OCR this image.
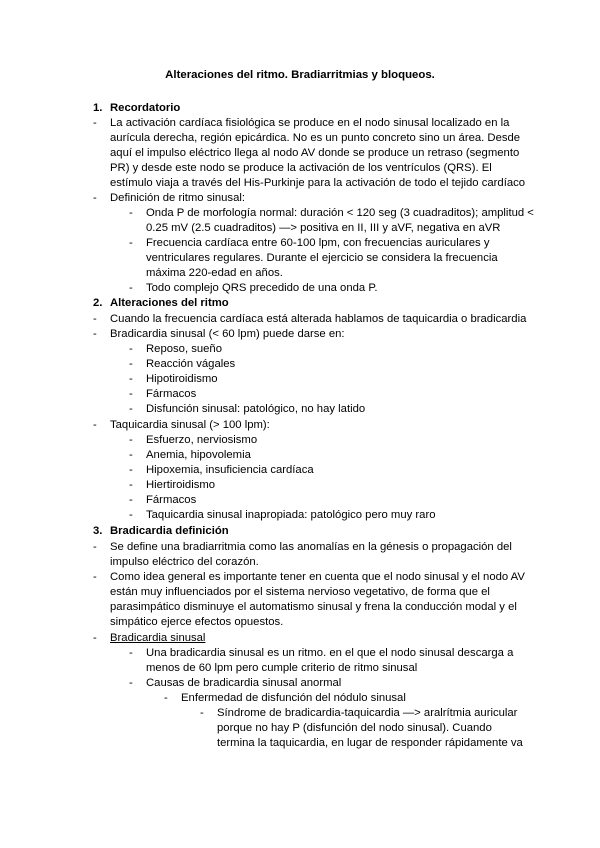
Alteraciones del ritmo. Bradiarritmias y bloqueos.
1. Recordatorio
- La activación cardíaca fisiológica se produce en el nodo sinusal localizado en la
aurícula derecha, región epicárdica. No es un punto concreto sino un área. Desde
aquí el impulso eléctrico llega al nodo AV donde se produce un retraso (segmento
PR) y desde este nodo se produce la activación de los ventrículos (QRS). El
estímulo viaja a través del His-Purkinje para la activación de todo el tejido cardíaco
- Definición de ritmo sinusal:
- Onda P de morfología normal: duración < 120 seg (3 cuadraditos); amplitud <
0.25 mV (2.5 cuadraditos) —> positiva en II, III y aVF, negativa en aVR
- Frecuencia cardíaca entre 60-100 lpm, con frecuencias auriculares y
ventriculares regulares. Durante el ejercicio se considera la frecuencia
máxima 220-edad en años.
- Todo complejo QRS precedido de una onda P.
2. Alteraciones del ritmo
- Cuando la frecuencia cardíaca está alterada hablamos de taquicardia o bradicardia
- Bradicardia sinusal (< 60 lpm) puede darse en:
- Reposo, sueño
- Reacción vágales
- Hipotiroidismo
- Fármacos
- Disfunción sinusal: patológico, no hay latido
- Taquicardia sinusal (> 100 lpm):
- Esfuerzo, nerviosismo
- Anemia, hipovolemia
- Hipoxemia, insuficiencia cardíaca
- Hiertiroidismo
- Fármacos
- Taquicardia sinusal inapropiada: patológico pero muy raro
3. Bradicardia definición
- Se define una bradiarritmia como las anomalías en la génesis o propagación del
impulso eléctrico del corazón.
- Como idea general es importante tener en cuenta que el nodo sinusal y el nodo AV
están muy influenciados por el sistema nervioso vegetativo, de forma que el
parasimpático disminuye el automatismo sinusal y frena la conducción modal y el
simpático ejerce efectos opuestos.
- Bradicardia sinusal
- Una bradicardia sinusal es un ritmo. en el que el nodo sinusal descarga a
menos de 60 lpm pero cumple criterio de ritmo sinusal
- Causas de bradicardia sinusal anormal
- Enfermedad de disfunción del nódulo sinusal
- Síndrome de bradicardia-taquicardia —> aralrítmia auricular
porque no hay P (disfunción del nodo sinusal). Cuando
termina la taquicardia, en lugar de responder rápidamente va
